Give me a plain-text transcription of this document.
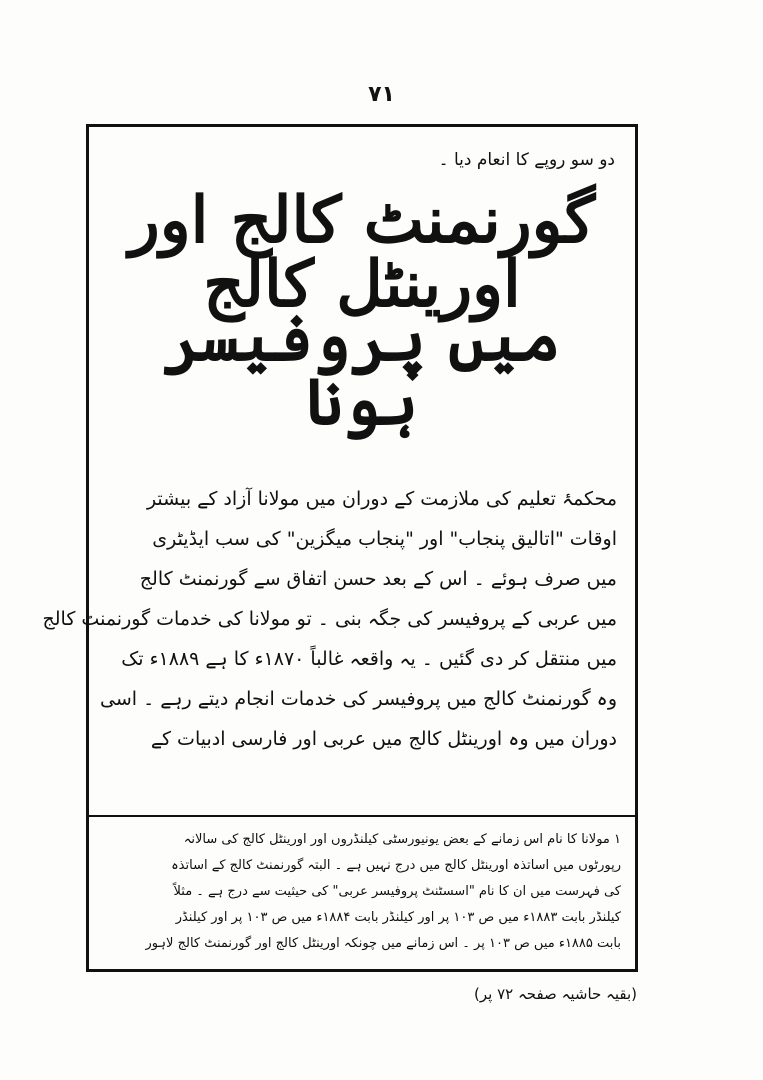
۷۱
دو سو روپے کا انعام دیا ۔
گورنمنٹ کالج اور اورینٹل کالج
میں پروفیسر ہونا
محکمۂ تعلیم کی ملازمت کے دوران میں مولانا آزاد کے بیشتر
اوقات "اتالیق پنجاب" اور "پنجاب میگزین" کی سب ایڈیٹری
میں صرف ہوئے ۔ اس کے بعد حسن اتفاق سے گورنمنٹ کالج
میں عربی کے پروفیسر کی جگہ بنی ۔ تو مولانا کی خدمات گورنمنٹ کالج
میں منتقل کر دی گئیں ۔ یہ واقعہ غالباً ۱۸۷۰ء کا ہے ۱۸۸۹ء تک
وہ گورنمنٹ کالج میں پروفیسر کی خدمات انجام دیتے رہے ۔ اسی
دوران میں وہ اورینٹل کالج میں عربی اور فارسی ادبیات کے
۱ مولانا کا نام اس زمانے کے بعض یونیورسٹی کیلنڈروں اور اورینٹل کالج کی سالانہ
رپورٹوں میں اساتذہ اورینٹل کالج میں درج نہیں ہے ۔ البتہ گورنمنٹ کالج کے اساتذہ
کی فہرست میں ان کا نام "اسسٹنٹ پروفیسر عربی" کی حیثیت سے درج ہے ۔ مثلاً
کیلنڈر بابت ۱۸۸۳ء میں ص ۱۰۳ پر اور کیلنڈر بابت ۱۸۸۴ء میں ص ۱۰۳ پر اور کیلنڈر
بابت ۱۸۸۵ء میں ص ۱۰۳ پر ۔ اس زمانے میں چونکہ اورینٹل کالج اور گورنمنٹ کالج لاہور
(بقیہ حاشیہ صفحہ ۷۲ پر)
